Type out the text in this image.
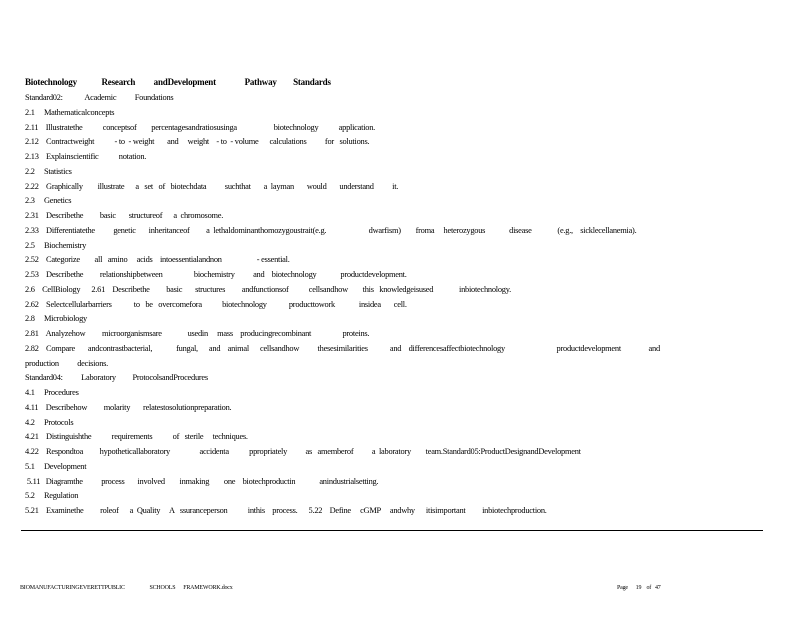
Biotechnology            Research         andDevelopment              Pathway        Standards
Standard02:            Academic          Foundations
2.1     Mathematicalconcepts
2.11    Illustratethe           conceptsof        percentagesandratiosusinga                    biotechnology           application.
2.12    Contractweight           - to  - weight       and     weight    - to  - volume      calculations          for   solutions.
2.13    Explainscientific           notation.
2.2     Statistics
2.22    Graphically        illustrate      a   set   of   biotechdata          suchthat       a  layman       would       understand          it.
2.3     Genetics
2.31    Describethe         basic       structureof      a  chromosome.
2.33    Differentiatethe          genetic       inheritanceof         a  lethaldominanthomozygoustrait(e.g.                       dwarfism)        froma     heterozygous             disease              (e.g.,    sicklecellanemia).
2.5     Biochemistry
2.52    Categorize        all   amino     acids    intoessentialandnon                   - essential.
2.53    Describethe         relationshipbetween                 biochemistry          and    biotechnology             productdevelopment.
2.6    CellBiology      2.61    Describethe         basic       structures         andfunctionsof           cellsandhow        this   knowledgeisused              inbiotechnology.
2.62    Selectcellularbarriers            to   be   overcomefora           biotechnology            producttowork             insidea       cell.
2.8     Microbiology
2.81    Analyzehow         microorganismsare              usedin     mass    producingrecombinant                 proteins.
2.82    Compare       andcontrastbacterial,             fungal,      and    animal      cellsandhow          thesesimilarities            and    differencesaffectbiotechnology                            productdevelopment               and
production          decisions.
Standard04:          Laboratory         ProtocolsandProcedures
4.1     Procedures
4.11    Describehow         molarity       relatestosolutionpreparation.
4.2     Protocols
4.21    Distinguishthe           requirements           of   sterile     techniques.
4.22    Respondtoa         hypotheticallaboratory                accidenta           ppropriately          as   amemberof          a  laboratory        team.Standard05:ProductDesignandDevelopment
5.1     Development
5.11   Diagramthe          process       involved        inmaking        one    biotechproductin             anindustrialsetting.
5.2     Regulation
5.21    Examinethe         roleof      a  Quality     A   ssuranceperson           inthis    process.      5.22    Define     cGMP     andwhy      itisimportant         inbiotechproduction.
BIOMANUFACTURINGEVERETTPUBLIC                   SCHOOLS      FRAMEWORK.docx	Page      19    of   47
